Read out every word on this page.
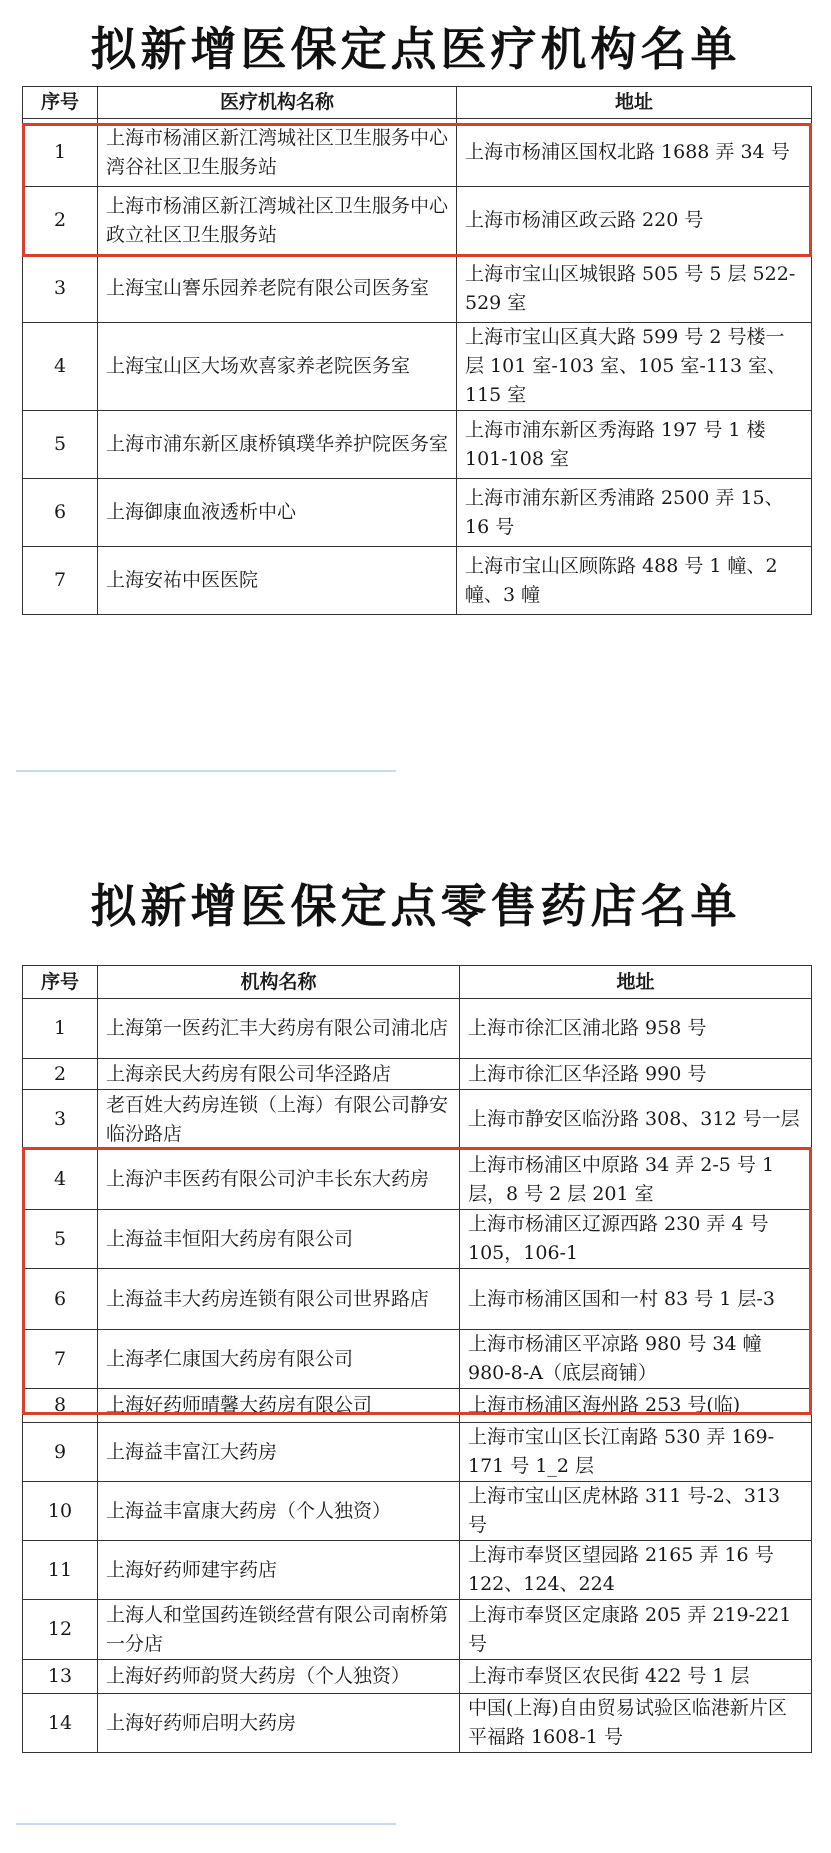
拟新增医保定点医疗机构名单
序号	医疗机构名称	地址
1	上海市杨浦区新江湾城社区卫生服务中心湾谷社区卫生服务站	上海市杨浦区国权北路 1688 弄 34 号
2	上海市杨浦区新江湾城社区卫生服务中心政立社区卫生服务站	上海市杨浦区政云路 220 号
3	上海宝山謇乐园养老院有限公司医务室	上海市宝山区城银路 505 号 5 层 522-529 室
4	上海宝山区大场欢喜家养老院医务室	上海市宝山区真大路 599 号 2 号楼一层 101 室-103 室、105 室-113 室、115 室
5	上海市浦东新区康桥镇璞华养护院医务室	上海市浦东新区秀海路 197 号 1 楼 101-108 室
6	上海御康血液透析中心	上海市浦东新区秀浦路 2500 弄 15、16 号
7	上海安祐中医医院	上海市宝山区顾陈路 488 号 1 幢、2 幢、3 幢
拟新增医保定点零售药店名单
序号	机构名称	地址
1	上海第一医药汇丰大药房有限公司浦北店	上海市徐汇区浦北路 958 号
2	上海亲民大药房有限公司华泾路店	上海市徐汇区华泾路 990 号
3	老百姓大药房连锁（上海）有限公司静安临汾路店	上海市静安区临汾路 308、312 号一层
4	上海沪丰医药有限公司沪丰长东大药房	上海市杨浦区中原路 34 弄 2-5 号 1 层，8 号 2 层 201 室
5	上海益丰恒阳大药房有限公司	上海市杨浦区辽源西路 230 弄 4 号 105，106-1
6	上海益丰大药房连锁有限公司世界路店	上海市杨浦区国和一村 83 号 1 层-3
7	上海孝仁康国大药房有限公司	上海市杨浦区平凉路 980 号 34 幢 980-8-A（底层商铺）
8	上海好药师晴馨大药房有限公司	上海市杨浦区海州路 253 号(临)
9	上海益丰富江大药房	上海市宝山区长江南路 530 弄 169-171 号 1_2 层
10	上海益丰富康大药房（个人独资）	上海市宝山区虎林路 311 号-2、313 号
11	上海好药师建宇药店	上海市奉贤区望园路 2165 弄 16 号 122、124、224
12	上海人和堂国药连锁经营有限公司南桥第一分店	上海市奉贤区定康路 205 弄 219-221 号
13	上海好药师韵贤大药房（个人独资）	上海市奉贤区农民街 422 号 1 层
14	上海好药师启明大药房	中国(上海)自由贸易试验区临港新片区平福路 1608-1 号
